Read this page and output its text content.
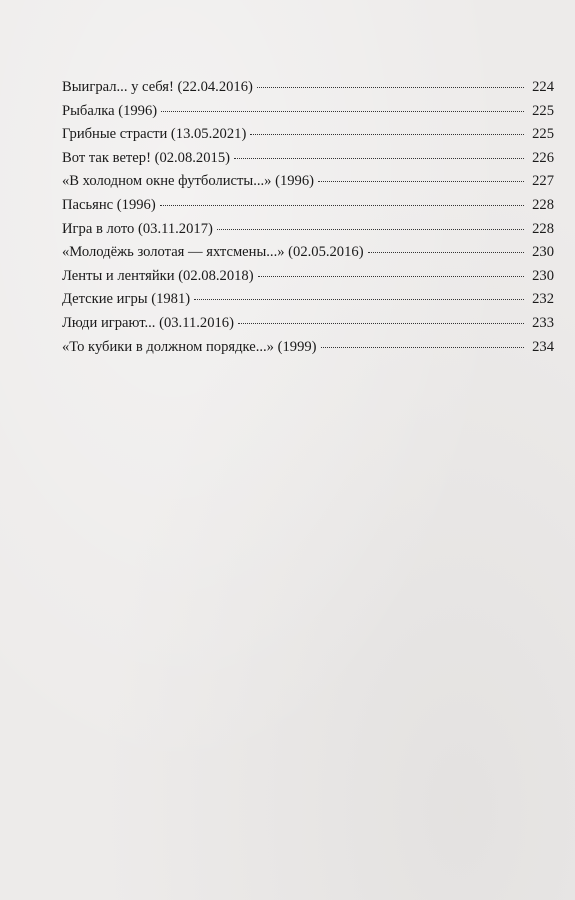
Выиграл... у себя! (22.04.2016)	224
Рыбалка (1996)	225
Грибные страсти (13.05.2021)	225
Вот так ветер! (02.08.2015)	226
«В холодном окне футболисты...» (1996)	227
Пасьянс (1996)	228
Игра в лото (03.11.2017)	228
«Молодёжь золотая — яхтсмены...» (02.05.2016)	230
Ленты и лентяйки (02.08.2018)	230
Детские игры (1981)	232
Люди играют... (03.11.2016)	233
«То кубики в должном порядке...» (1999)	234
